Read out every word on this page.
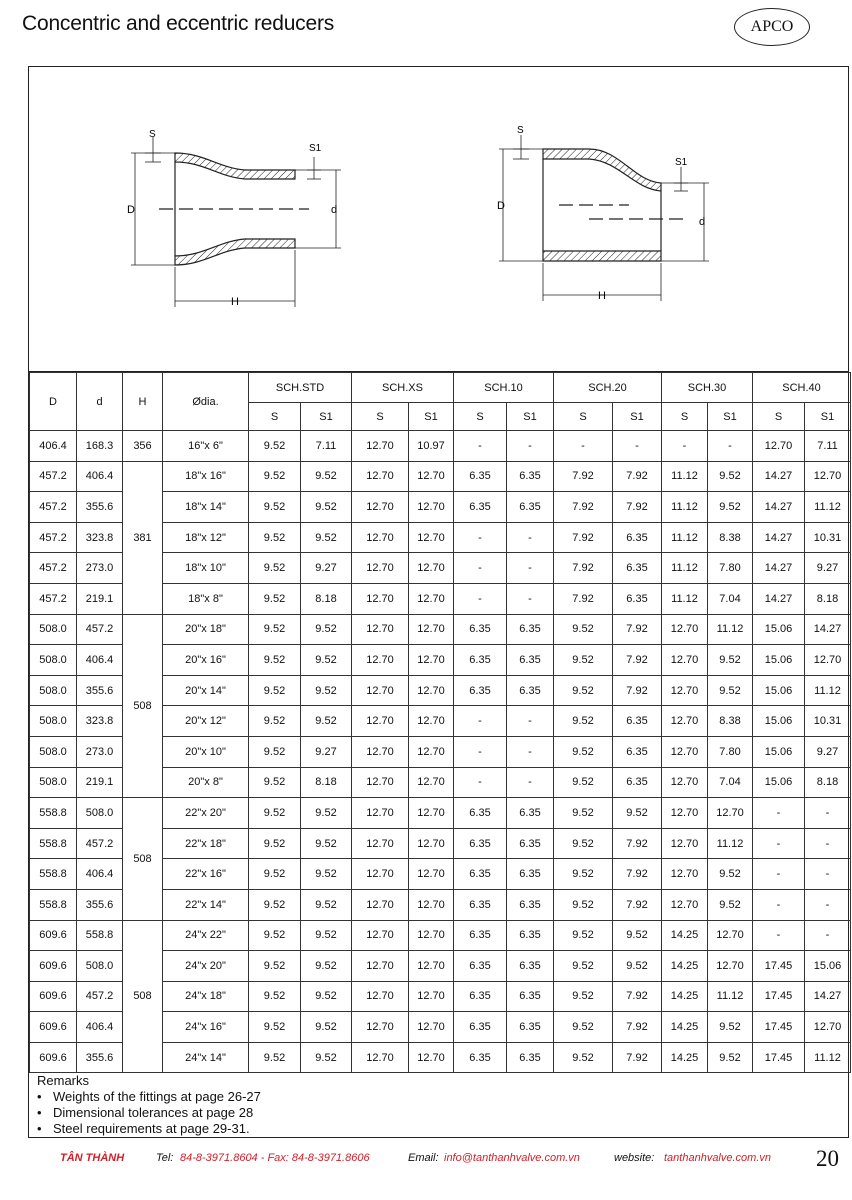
Concentric and eccentric reducers	APCO
S
S1
D	d
H
S
S1
D
d
H
D	d	H	Ødia.	SCH.STD		SCH.XS		SCH.10		SCH.20		SCH.30		SCH.40	
				S	S1	S	S1	S	S1	S	S1	S	S1	S	S1
406.4	168.3	356	16"x 6"	9.52	7.11	12.70	10.97	-	-	-	-	-	-	12.70	7.11
457.2	406.4	381	18"x 16"	9.52	9.52	12.70	12.70	6.35	6.35	7.92	7.92	11.12	9.52	14.27	12.70
457.2	355.6		18"x 14"	9.52	9.52	12.70	12.70	6.35	6.35	7.92	7.92	11.12	9.52	14.27	11.12
457.2	323.8		18"x 12"	9.52	9.52	12.70	12.70	-	-	7.92	6.35	11.12	8.38	14.27	10.31
457.2	273.0		18"x 10"	9.52	9.27	12.70	12.70	-	-	7.92	6.35	11.12	7.80	14.27	9.27
457.2	219.1		18"x 8"	9.52	8.18	12.70	12.70	-	-	7.92	6.35	11.12	7.04	14.27	8.18
508.0	457.2	508	20"x 18"	9.52	9.52	12.70	12.70	6.35	6.35	9.52	7.92	12.70	11.12	15.06	14.27
508.0	406.4		20"x 16"	9.52	9.52	12.70	12.70	6.35	6.35	9.52	7.92	12.70	9.52	15.06	12.70
508.0	355.6		20"x 14"	9.52	9.52	12.70	12.70	6.35	6.35	9.52	7.92	12.70	9.52	15.06	11.12
508.0	323.8		20"x 12"	9.52	9.52	12.70	12.70	-	-	9.52	6.35	12.70	8.38	15.06	10.31
508.0	273.0		20"x 10"	9.52	9.27	12.70	12.70	-	-	9.52	6.35	12.70	7.80	15.06	9.27
508.0	219.1		20"x 8"	9.52	8.18	12.70	12.70	-	-	9.52	6.35	12.70	7.04	15.06	8.18
558.8	508.0	508	22"x 20"	9.52	9.52	12.70	12.70	6.35	6.35	9.52	9.52	12.70	12.70	-	-
558.8	457.2		22"x 18"	9.52	9.52	12.70	12.70	6.35	6.35	9.52	7.92	12.70	11.12	-	-
558.8	406.4		22"x 16"	9.52	9.52	12.70	12.70	6.35	6.35	9.52	7.92	12.70	9.52	-	-
558.8	355.6		22"x 14"	9.52	9.52	12.70	12.70	6.35	6.35	9.52	7.92	12.70	9.52	-	-
609.6	558.8	508	24"x 22"	9.52	9.52	12.70	12.70	6.35	6.35	9.52	9.52	14.25	12.70	-	-
609.6	508.0		24"x 20"	9.52	9.52	12.70	12.70	6.35	6.35	9.52	9.52	14.25	12.70	17.45	15.06
609.6	457.2		24"x 18"	9.52	9.52	12.70	12.70	6.35	6.35	9.52	7.92	14.25	11.12	17.45	14.27
609.6	406.4		24"x 16"	9.52	9.52	12.70	12.70	6.35	6.35	9.52	7.92	14.25	9.52	17.45	12.70
609.6	355.6		24"x 14"	9.52	9.52	12.70	12.70	6.35	6.35	9.52	7.92	14.25	9.52	17.45	11.12
Remarks
• Weights of the fittings at page 26-27
• Dimensional tolerances at page 28
• Steel requirements at page 29-31.
TÂN THÀNH	Tel: 84-8-3971.8604 - Fax: 84-8-3971.8606	Email: info@tanthanhvalve.com.vn	website: tanthanhvalve.com.vn 20
